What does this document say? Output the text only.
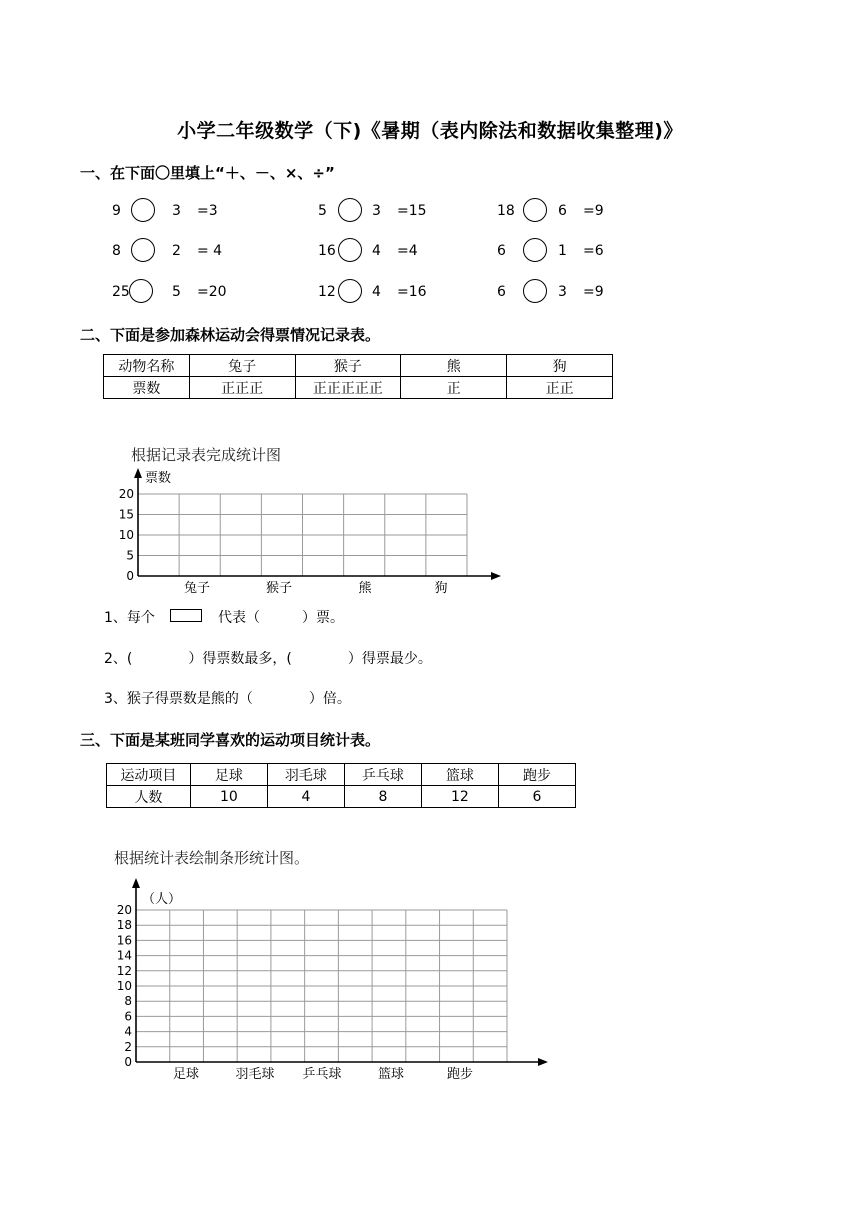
小学二年级数学（下)《暑期（表内除法和数据收集整理)》
一、在下面〇里填上“＋、－、×、÷”
9	3 =3	5	3 =15	18	6 =9
8	2 = 4	16	4 =4	6	1 =6
25	5 =20	12	4 =16	6	3 =9
二、下面是参加森林运动会得票情况记录表。
动物名称	兔子	猴子	熊	狗
票数	正正正	正正正正正	正	正正
根据记录表完成统计图
0
5
10
15
20
票数
兔子	猴子	熊	狗
1、每个	代表（　　　）票。
2、(　　　　）得票数最多，(　　　　）得票最少。
3、猴子得票数是熊的（　　　　）倍。
三、下面是某班同学喜欢的运动项目统计表。
运动项目	足球	羽毛球	乒乓球	篮球	跑步
人数	10	4	8	12	6
根据统计表绘制条形统计图。
0
2
4
6
8
10
12
14
16
18
20
（人）
足球	羽毛球 乒乓球	篮球	跑步
